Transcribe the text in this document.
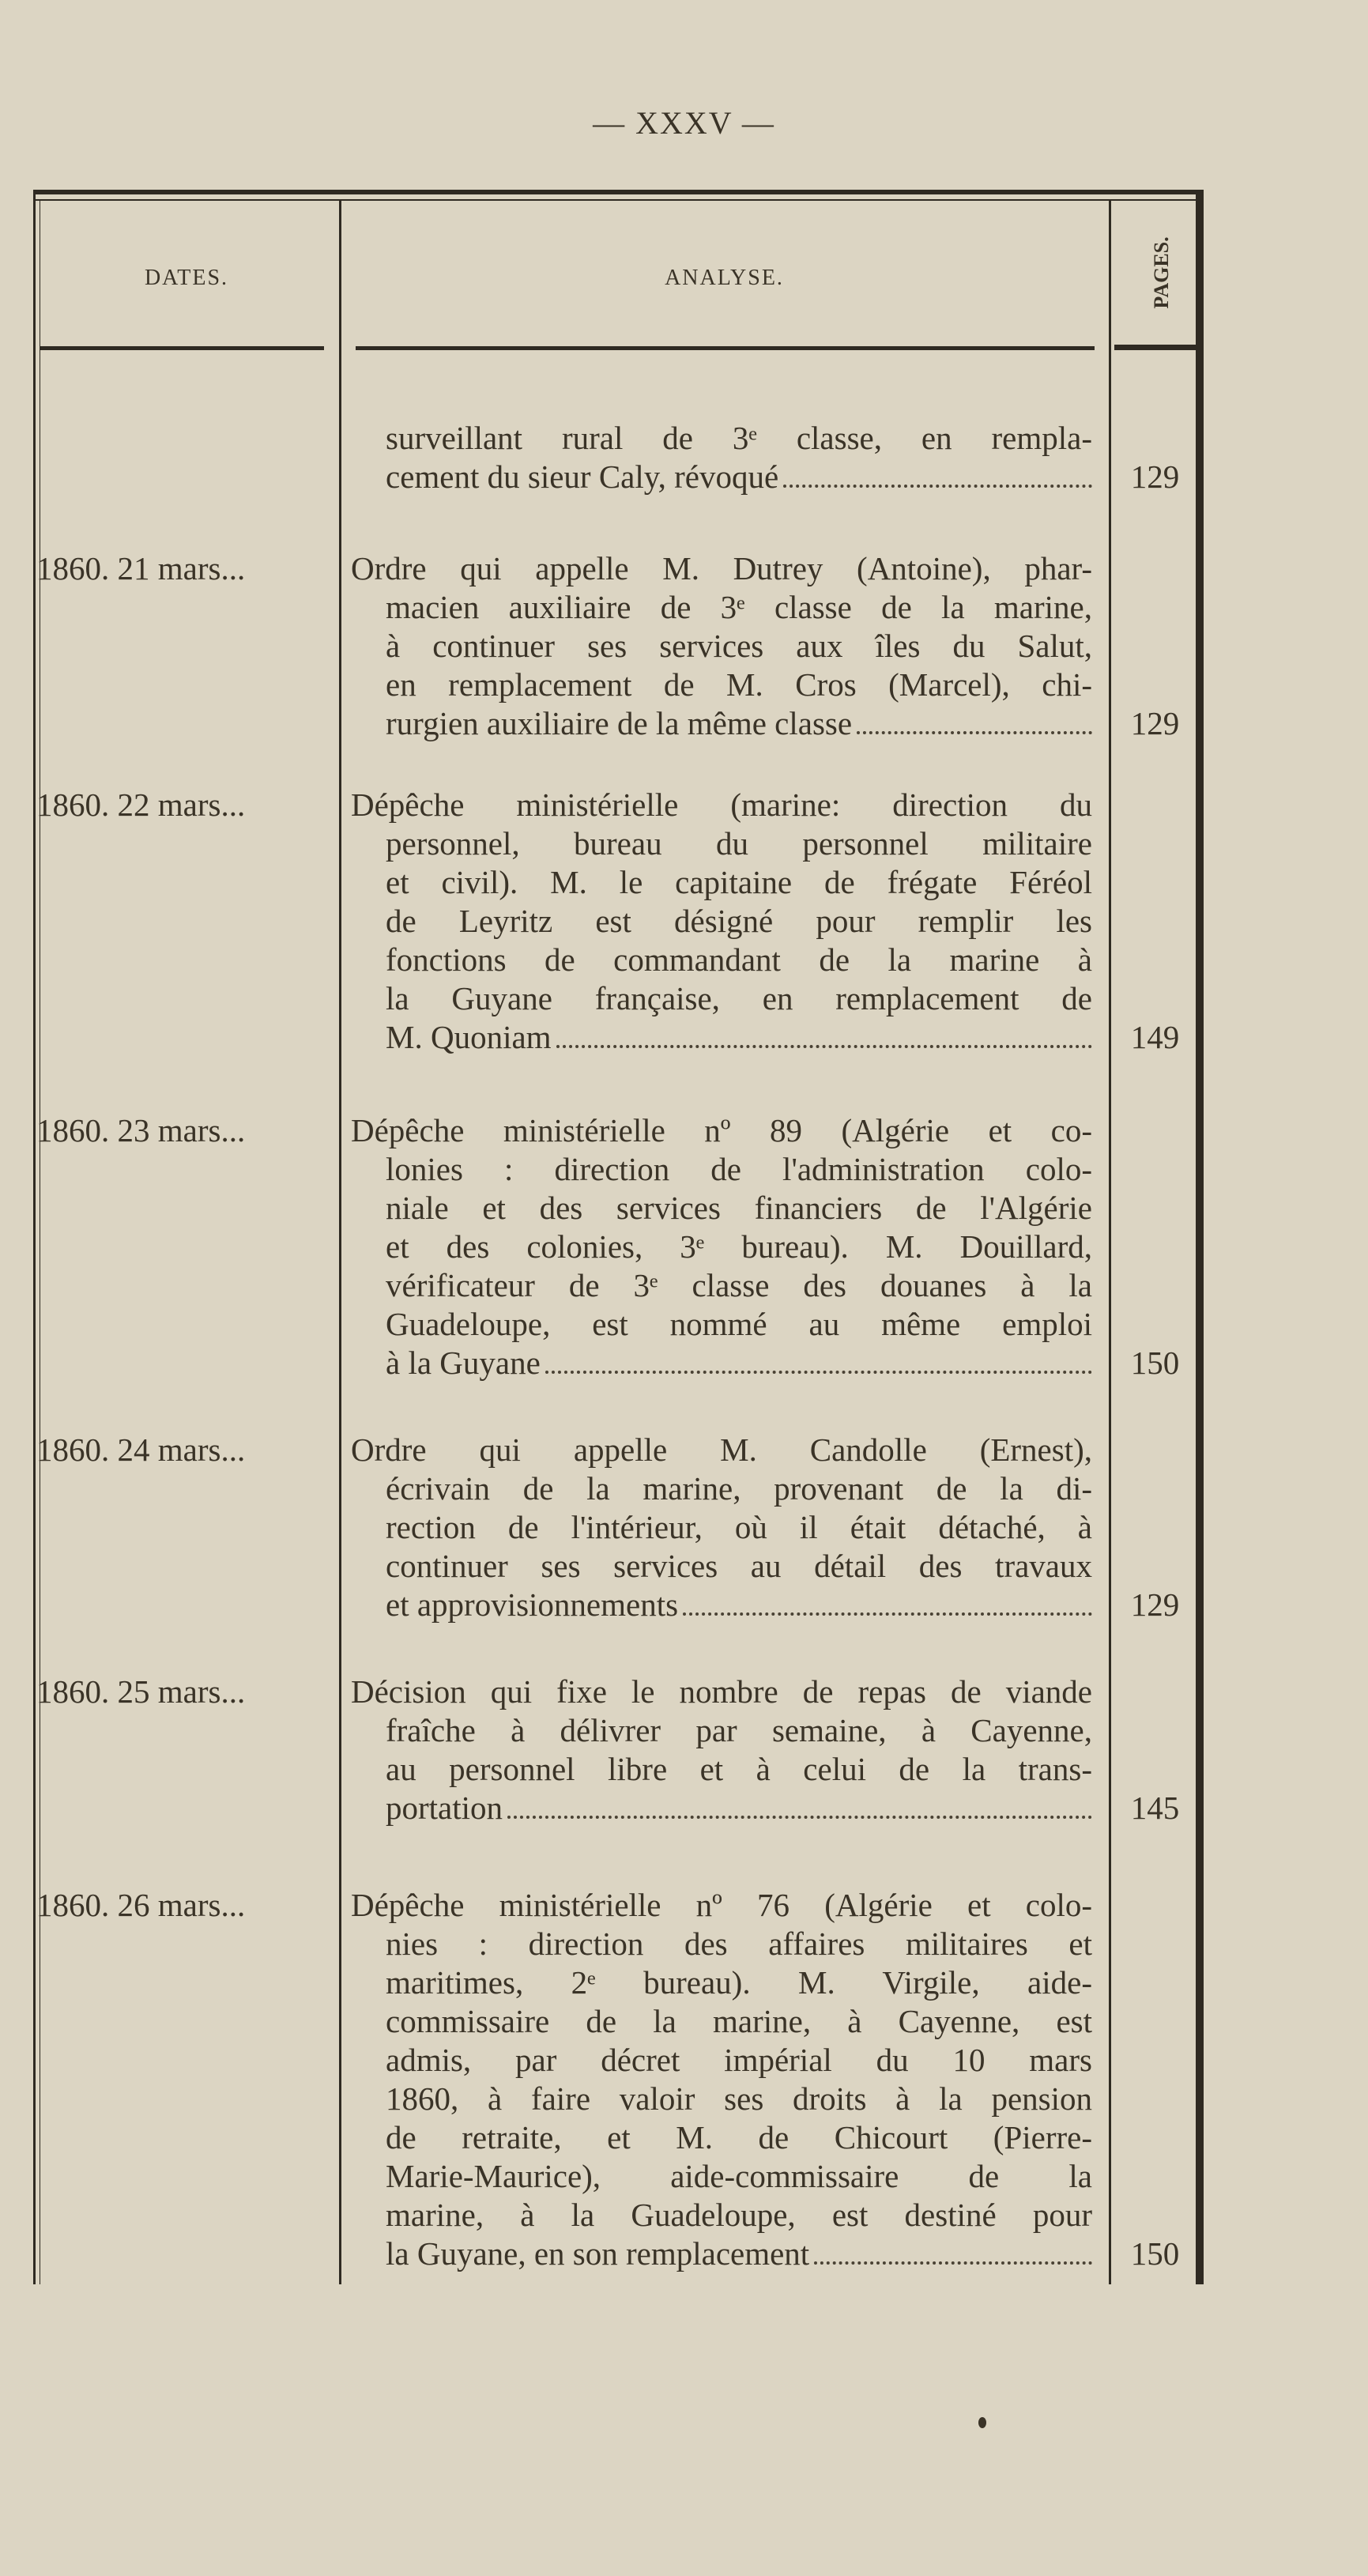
— XXXV —
DATES.	ANALYSE.	PAGES.
surveillant rural de 3ᵉ classe, en rempla-
cement du sieur Caly, révoqué	129
1860. 21 mars...	Ordre qui appelle M. Dutrey (Antoine), phar-
macien auxiliaire de 3ᵉ classe de la marine,
à continuer ses services aux îles du Salut,
en remplacement de M. Cros (Marcel), chi-
rurgien auxiliaire de la même classe	129
1860. 22 mars...	Dépêche ministérielle (marine: direction du
personnel, bureau du personnel militaire
et civil). M. le capitaine de frégate Féréol
de Leyritz est désigné pour remplir les
fonctions de commandant de la marine à
la Guyane française, en remplacement de
M. Quoniam	149
1860. 23 mars...	Dépêche ministérielle nº 89 (Algérie et co-
lonies : direction de l'administration colo-
niale et des services financiers de l'Algérie
et des colonies, 3ᵉ bureau). M. Douillard,
vérificateur de 3ᵉ classe des douanes à la
Guadeloupe, est nommé au même emploi
à la Guyane	150
1860. 24 mars...	Ordre qui appelle M. Candolle (Ernest),
écrivain de la marine, provenant de la di-
rection de l'intérieur, où il était détaché, à
continuer ses services au détail des travaux
et approvisionnements	129
1860. 25 mars...	Décision qui fixe le nombre de repas de viande
fraîche à délivrer par semaine, à Cayenne,
au personnel libre et à celui de la trans-
portation	145
1860. 26 mars...	Dépêche ministérielle nº 76 (Algérie et colo-
nies : direction des affaires militaires et
maritimes, 2ᵉ bureau). M. Virgile, aide-
commissaire de la marine, à Cayenne, est
admis, par décret impérial du 10 mars
1860, à faire valoir ses droits à la pension
de retraite, et M. de Chicourt (Pierre-
Marie-Maurice), aide-commissaire de la
marine, à la Guadeloupe, est destiné pour
la Guyane, en son remplacement	150
